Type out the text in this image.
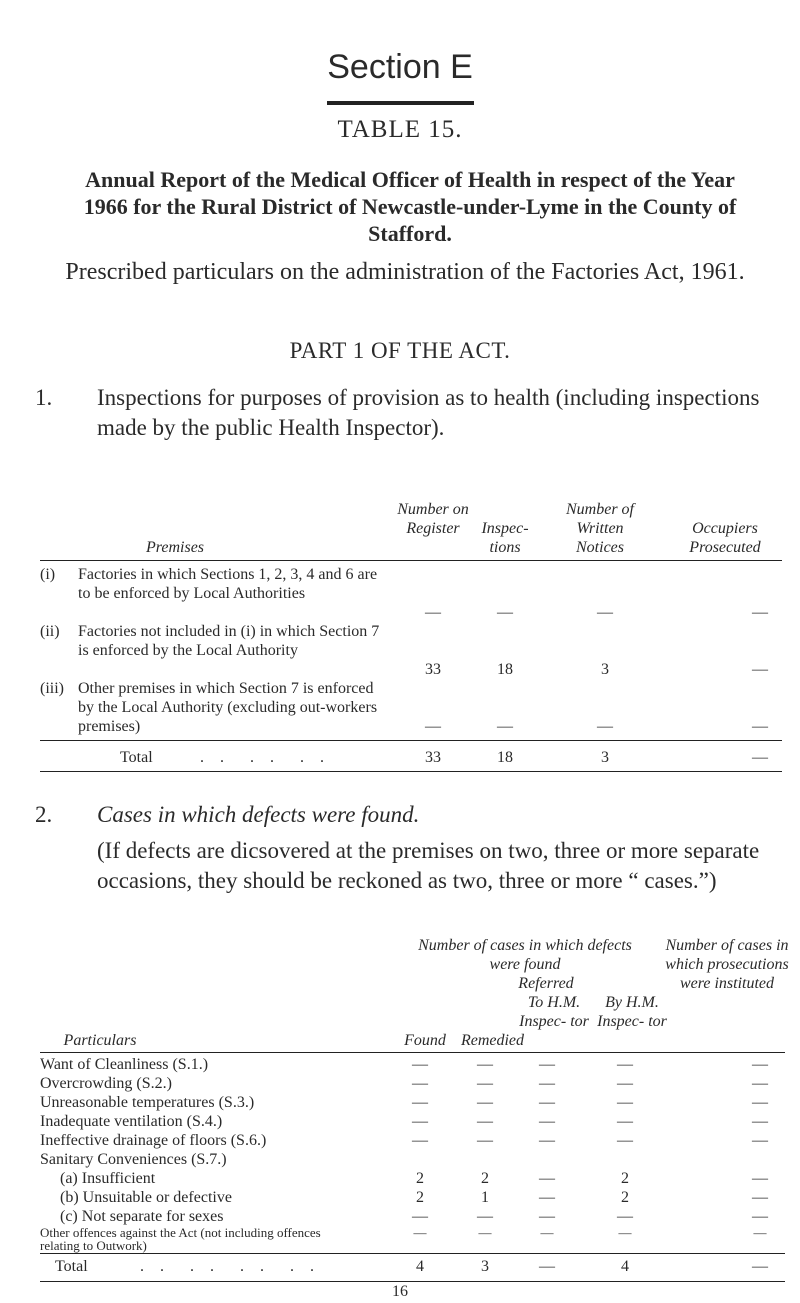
Section E
TABLE 15.
Annual Report of the Medical Officer of Health in respect of the Year 1966 for the Rural District of Newcastle-under-Lyme in the County of Stafford.
Prescribed particulars on the administration of the Factories Act, 1961.
PART 1 OF THE ACT.
1. Inspections for purposes of provision as to health (including inspections made by the public Health Inspector).
Premises
Number on Register	Inspec- tions
Number of Written Notices
Occupiers Prosecuted
(i) Factories in which Sections 1, 2, 3, 4 and 6 are to be enforced by Local Authorities
—	—	—	—
(ii) Factories not included in (i) in which Section 7 is enforced by the Local Authority
33	18	3	—
(iii) Other premises in which Section 7 is enforced by the Local Authority (excluding out-workers premises)	—	—	—	—
Total	. .  . .  . .	33	18	3	—
2. Cases in which defects were found.
(If defects are dicsovered at the premises on two, three or more separate occasions, they should be reckoned as two, three or more “ cases.”)
Number of cases in which defects were found
Referred
To H.M. Inspec- tor
By H.M. Inspec- tor
Number of cases in which prosecutions were instituted
Particulars	Found Remedied
Want of Cleanliness (S.1.)	—	—	—	—	—
Overcrowding (S.2.)	—	—	—	—	—
Unreasonable temperatures (S.3.)	—	—	—	—	—
Inadequate ventilation (S.4.)	—	—	—	—	—
Ineffective drainage of floors (S.6.)	—	—	—	—	—
Sanitary Conveniences (S.7.)
(a) Insufficient	2	2	—	2	—
(b) Unsuitable or defective	2	1	—	2	—
(c) Not separate for sexes	—	—	—	—	—
Other offences against the Act (not including offences relating to Outwork)
—	—	—	—	—
Total	. .  . .  . .  . .	4	3	—	4	—
16
